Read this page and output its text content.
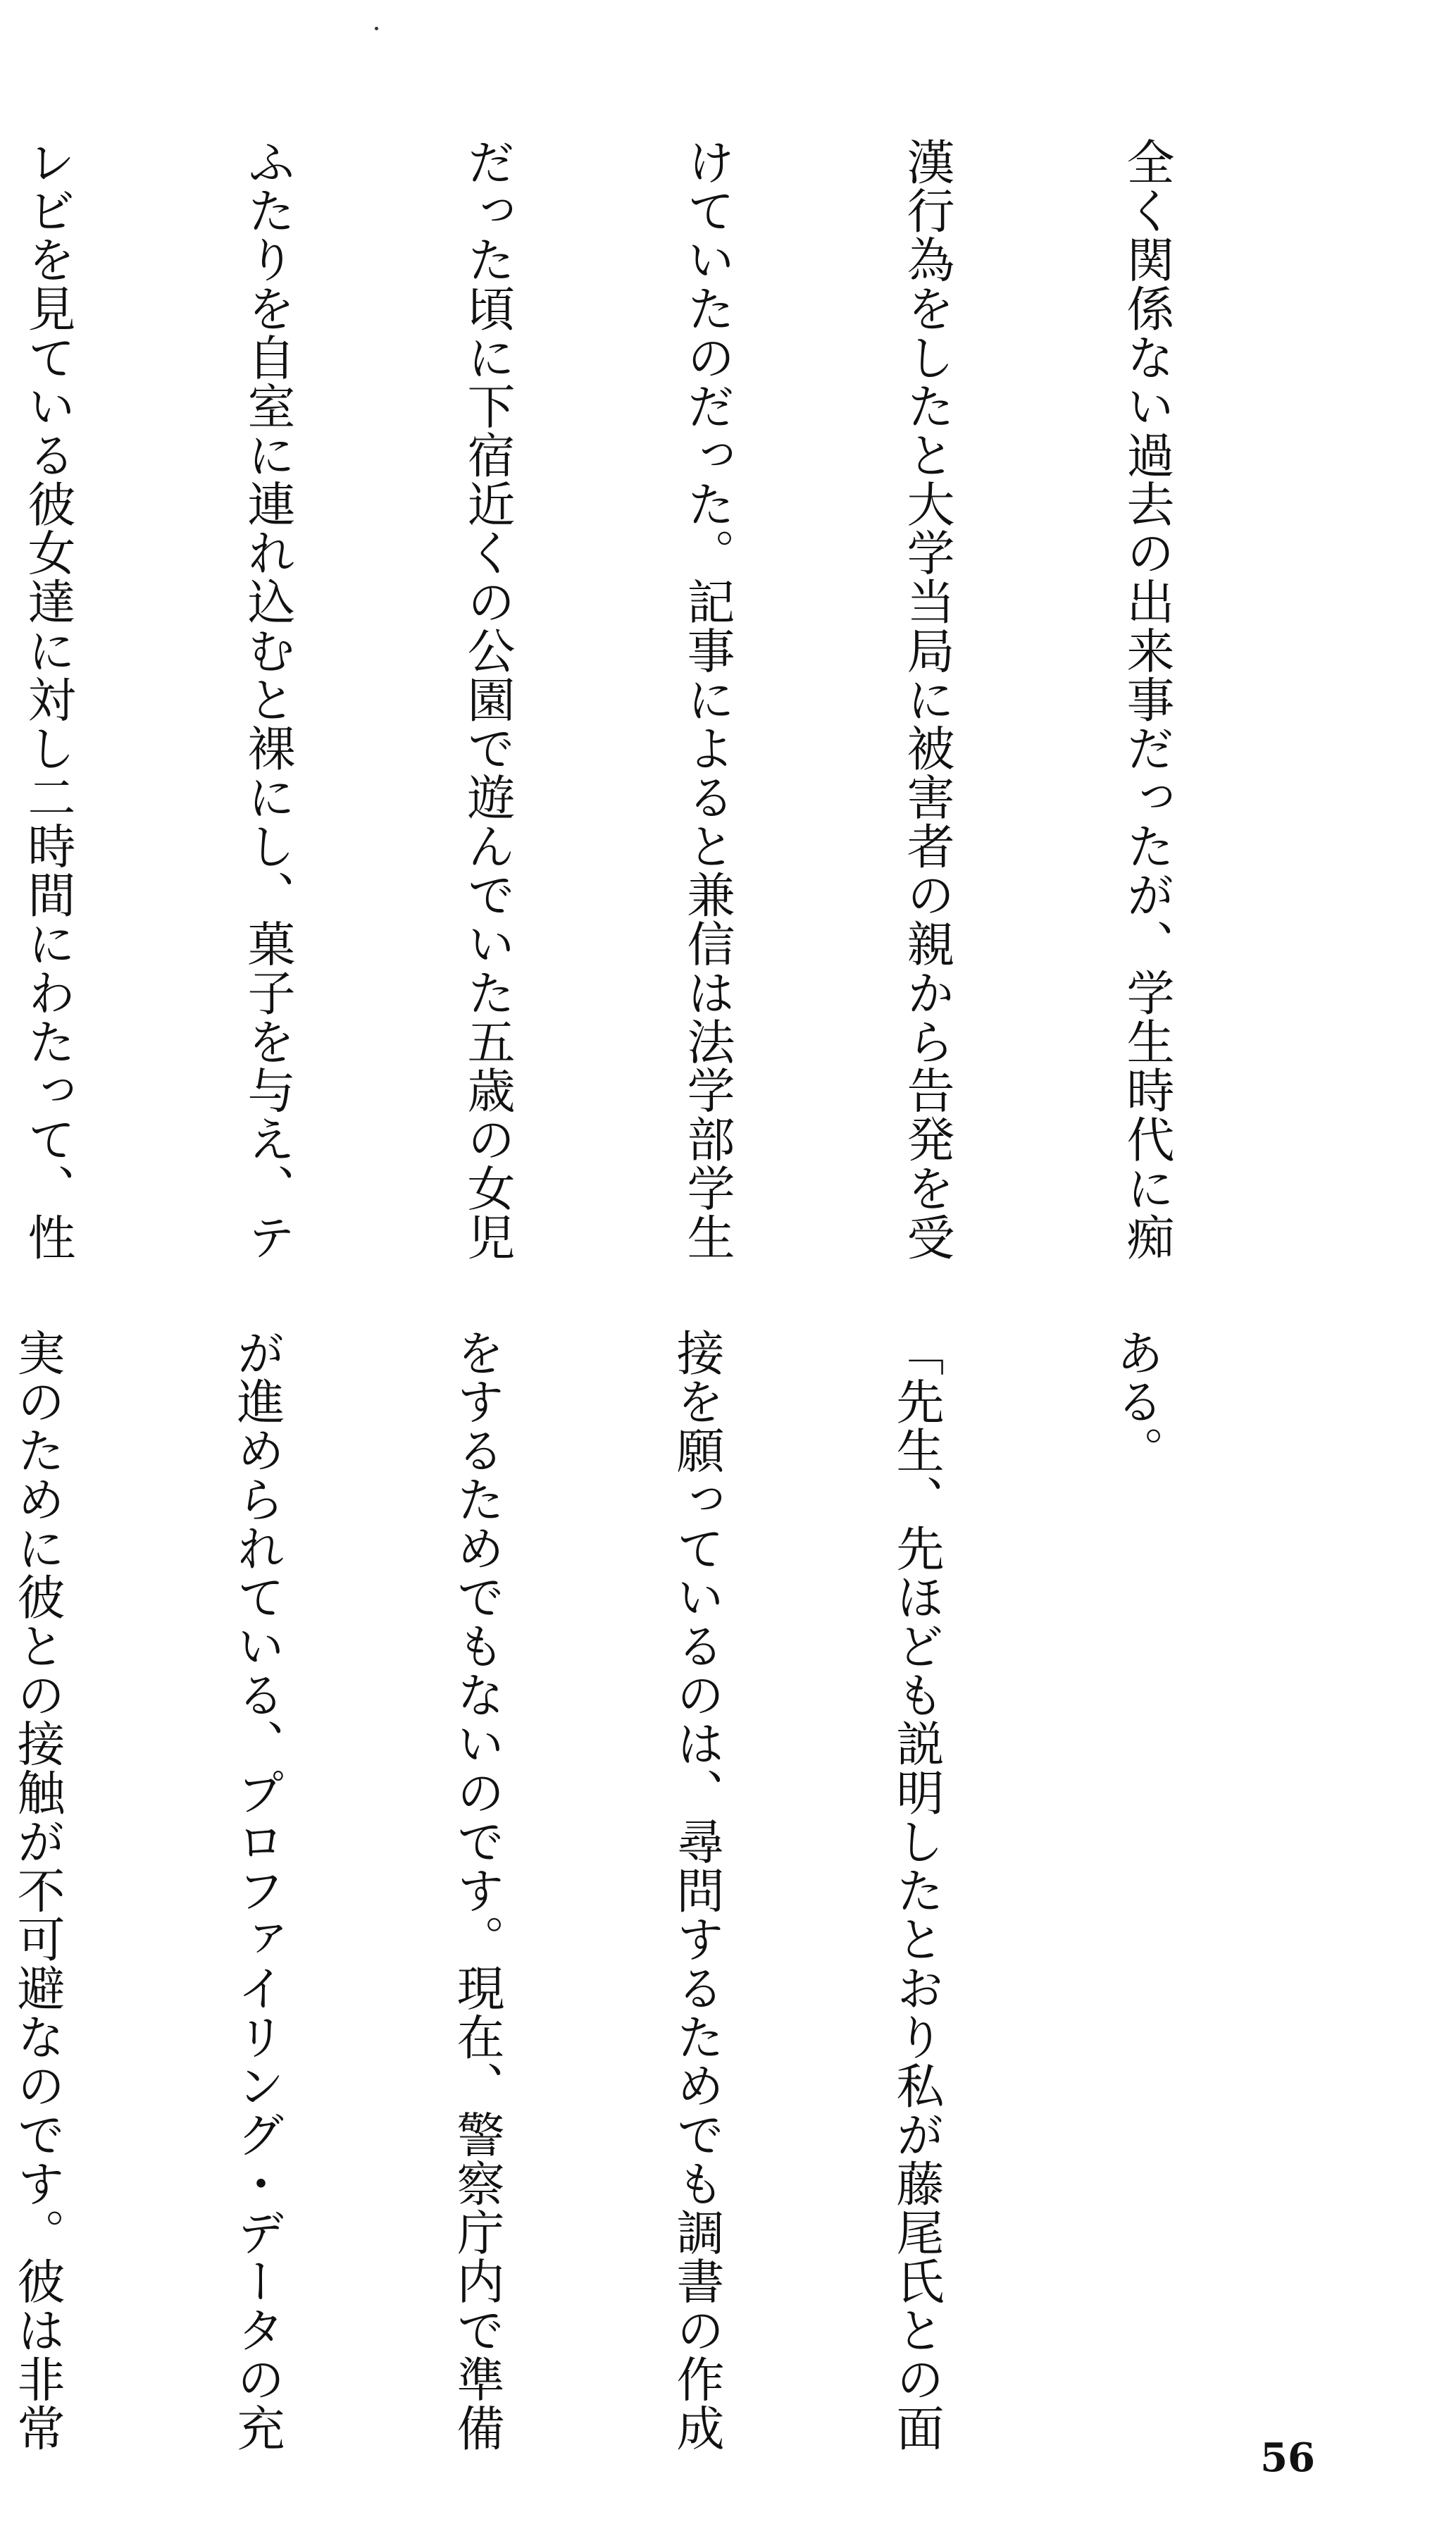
全く関係ない過去の出来事だったが、学生時代に痴

漢行為をしたと大学当局に被害者の親から告発を受

けていたのだった。記事によると兼信は法学部学生

だった頃に下宿近くの公園で遊んでいた五歳の女児

ふたりを自室に連れ込むと裸にし、菓子を与え、テ

レビを見ている彼女達に対し二時間にわたって、性

ある。

「先生、先ほども説明したとおり私が藤尾氏との面

接を願っているのは、尋問するためでも調書の作成

をするためでもないのです。現在、警察庁内で準備

が進められている、プロファイリング・データの充

実のために彼との接触が不可避なのです。彼は非常

56
